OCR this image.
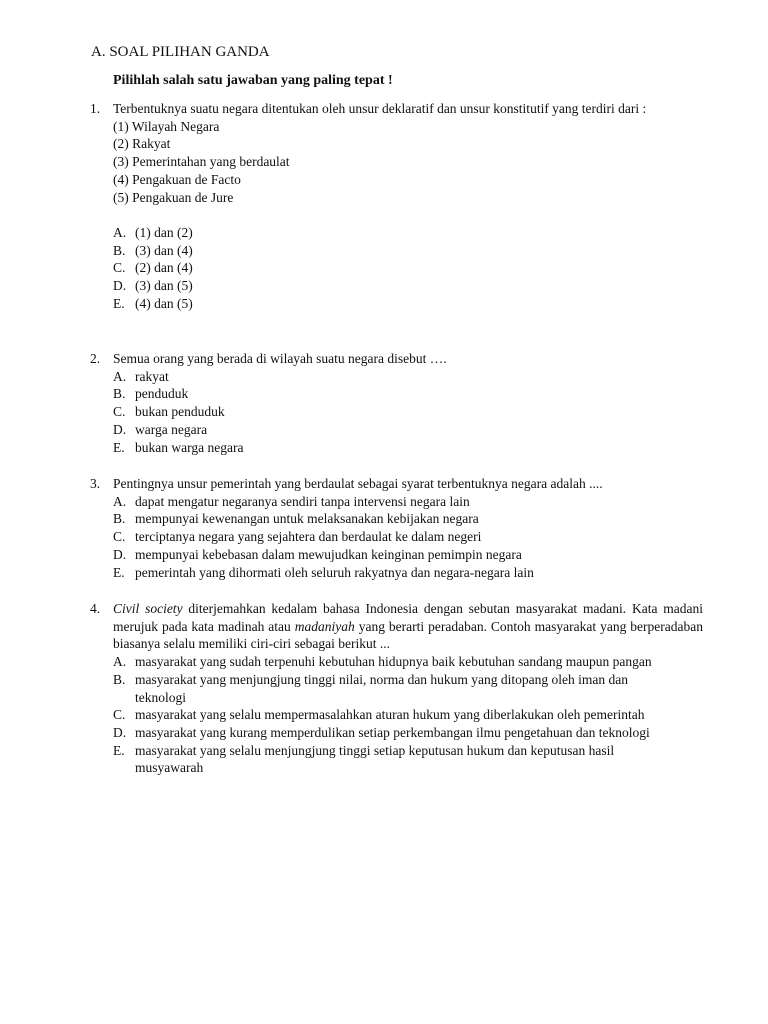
A. SOAL PILIHAN GANDA
Pilihlah salah satu jawaban yang paling tepat !
1. Terbentuknya suatu negara ditentukan oleh unsur deklaratif dan unsur konstitutif yang terdiri dari :
(1) Wilayah Negara
(2) Rakyat
(3) Pemerintahan yang berdaulat
(4) Pengakuan de Facto
(5) Pengakuan de Jure
A. (1) dan (2)
B. (3) dan (4)
C. (2) dan (4)
D. (3) dan (5)
E. (4) dan (5)
2. Semua orang yang berada di wilayah suatu negara disebut ….
A. rakyat
B. penduduk
C. bukan penduduk
D. warga negara
E. bukan warga negara
3. Pentingnya unsur pemerintah yang berdaulat sebagai syarat terbentuknya negara adalah ....
A. dapat mengatur negaranya sendiri tanpa intervensi negara lain
B. mempunyai kewenangan untuk melaksanakan kebijakan negara
C. terciptanya negara yang sejahtera dan berdaulat ke dalam negeri
D. mempunyai kebebasan dalam mewujudkan keinginan pemimpin negara
E. pemerintah yang dihormati oleh seluruh rakyatnya dan negara-negara lain
4. Civil society diterjemahkan kedalam bahasa Indonesia dengan sebutan masyarakat madani. Kata madani merujuk pada kata madinah atau madaniyah yang berarti peradaban. Contoh masyarakat yang berperadaban biasanya selalu memiliki ciri-ciri sebagai berikut ...
A. masyarakat yang sudah terpenuhi kebutuhan hidupnya baik kebutuhan sandang maupun pangan
B. masyarakat yang menjungjung tinggi nilai, norma dan hukum yang ditopang oleh iman dan teknologi
C. masyarakat yang selalu mempermasalahkan aturan hukum yang diberlakukan oleh pemerintah
D. masyarakat yang kurang memperdulikan setiap perkembangan ilmu pengetahuan dan teknologi
E. masyarakat yang selalu menjungjung tinggi setiap keputusan hukum dan keputusan hasil musyawarah
